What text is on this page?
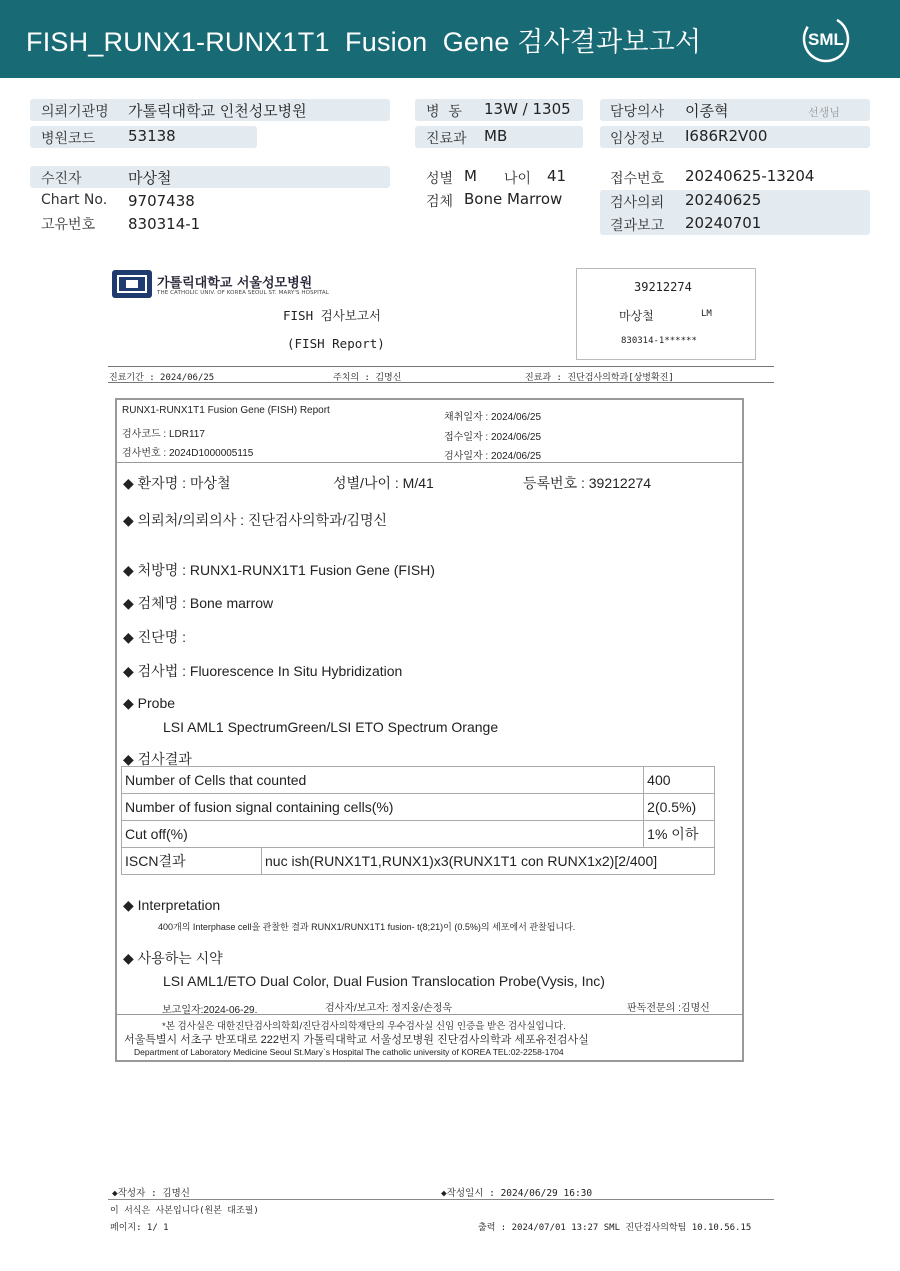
FISH_RUNX1-RUNX1T1  Fusion  Gene 검사결과보고서	SML
의뢰기관명 가톨릭대학교 인천성모병원
병원코드 53138
병  동 13W / 1305
진료과 MB
담당의사 이종혁	선생님
임상정보 I686R2V00
수진자	마상철
Chart No. 9707438
고유번호 830314-1
성별 M 나이 41
검체 Bone Marrow
접수번호 20240625-13204
검사의뢰 20240625
결과보고 20240701
가톨릭대학교 서울성모병원
THE CATHOLIC UNIV. OF KOREA SEOUL ST. MARY'S HOSPITAL
FISH 검사보고서
(FISH Report)
39212274
마상철	LM
830314-1******
진료기간 : 2024/06/25	주치의 : 김명신	진료과 : 진단검사의학과[상병확진]
RUNX1-RUNX1T1 Fusion Gene (FISH) Report
검사코드 : LDR117
검사번호 : 2024D1000005115
채취일자 : 2024/06/25
접수일자 : 2024/06/25
검사일자 : 2024/06/25
◆ 환자명 : 마상철	성별/나이 : M/41	등록번호 : 39212274
◆ 의뢰처/의뢰의사 : 진단검사의학과/김명신
◆ 처방명 : RUNX1-RUNX1T1 Fusion Gene (FISH)
◆ 검체명 : Bone marrow
◆ 진단명 :
◆ 검사법 : Fluorescence In Situ Hybridization
◆ Probe
LSI AML1 SpectrumGreen/LSI ETO Spectrum Orange
◆ 검사결과
Number of Cells that counted		400
Number of fusion signal containing cells(%)		2(0.5%)
Cut off(%)		1% 이하
ISCN결과	nuc ish(RUNX1T1,RUNX1)x3(RUNX1T1 con RUNX1x2)[2/400]	
◆ Interpretation
400개의 Interphase cell을 관찰한 결과 RUNX1/RUNX1T1 fusion- t(8;21)이 (0.5%)의 세포에서 관찰됩니다.
◆ 사용하는 시약
LSI AML1/ETO Dual Color, Dual Fusion Translocation Probe(Vysis, Inc)
보고일자:2024-06-29.	검사자/보고자: 정지웅/손정욱	판독전문의 :김명신
*본 검사실은 대한진단검사의학회/진단검사의학재단의 우수검사실 신임 인증을 받은 검사실입니다.
서울특별시 서초구 반포대로 222번지 가톨릭대학교 서울성모병원 진단검사의학과 세포유전검사실
Department of Laboratory Medicine Seoul St.Mary`s Hospital The catholic university of KOREA TEL:02-2258-1704
◆작성자 : 김명신	◆작성일시 : 2024/06/29 16:30
이 서식은 사본입니다(원본 대조필)
페이지: 1/ 1	출력 : 2024/07/01 13:27 SML 진단검사의학팀 10.10.56.15
